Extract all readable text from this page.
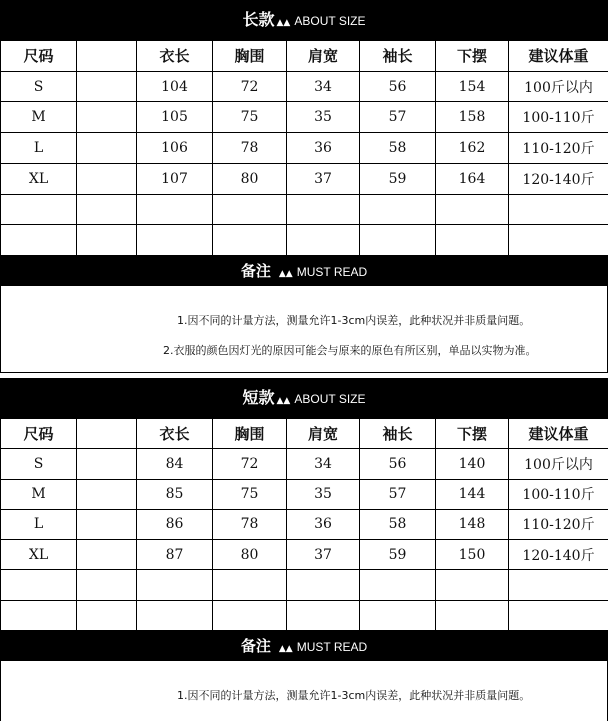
长款 ▲▲ ABOUT SIZE
尺码		衣长	胸围	肩宽	袖长	下摆	建议体重
S		104	72	34	56	154	100斤以内
M		105	75	35	57	158	100-110斤
L		106	78	36	58	162	110-120斤
XL		107	80	37	59	164	120-140斤

备注 ▲▲ MUST READ

1.因不同的计量方法，测量允许1-3cm内误差，此种状况并非质量问题。

2.衣服的颜色因灯光的原因可能会与原来的原色有所区别，单品以实物为准。

短款 ▲▲ ABOUT SIZE
尺码		衣长	胸围	肩宽	袖长	下摆	建议体重
S		84	72	34	56	140	100斤以内
M		85	75	35	57	144	100-110斤
L		86	78	36	58	148	110-120斤
XL		87	80	37	59	150	120-140斤

备注 ▲▲ MUST READ

1.因不同的计量方法，测量允许1-3cm内误差，此种状况并非质量问题。
